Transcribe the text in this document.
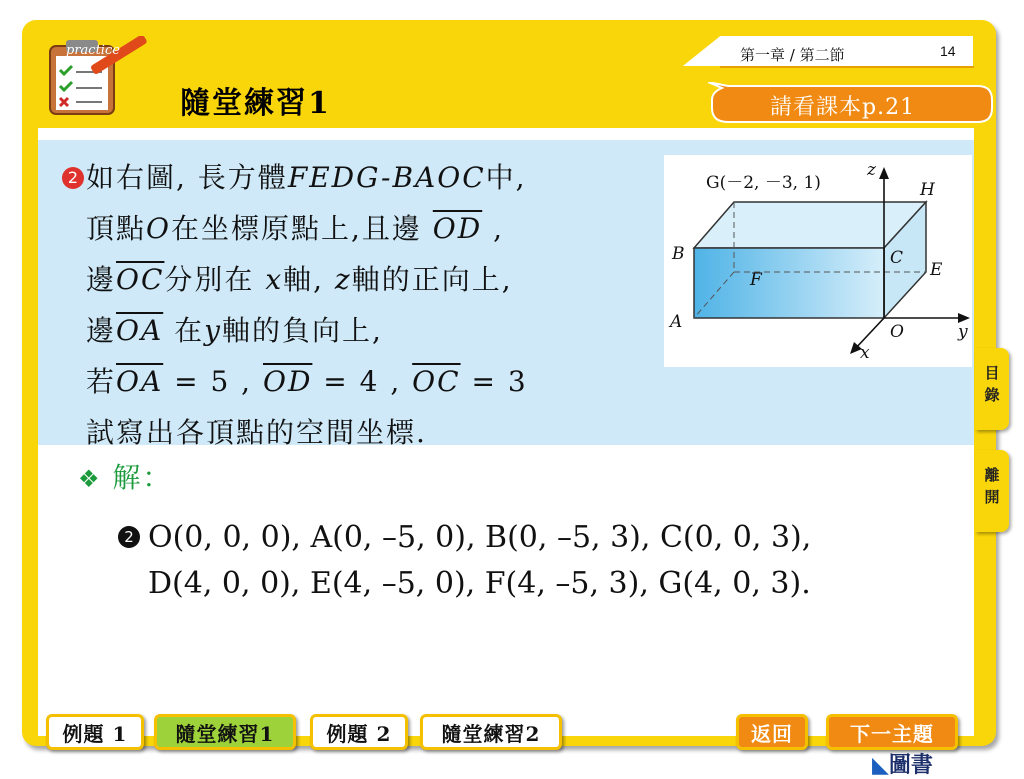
第一章 / 第二節	14
請看課本p.21
practice
隨堂練習1
2 如右圖, 長方體FEDG-BAOC中,
頂點O在坐標原點上,且邊 $\overline{OD}$ ,
邊$\overline{OC}$分別在 x軸, z軸的正向上,
邊$\overline{OA}$ 在y軸的負向上,
若$\overline{OA} = 5$ , $\overline{OD} = 4$ , $\overline{OC} = 3$
試寫出各頂點的空間坐標.
G(－2, －3, 1)
z
H
B	C
E
F
A	O
x
y
❖ 解：
2 O(0, 0, 0), A(0, –5, 0), B(0, –5, 3), C(0, 0, 3),
D(4, 0, 0), E(4, –5, 0), F(4, –5, 3), G(4, 0, 3).
目錄
離開
例題 1	隨堂練習1	例題 2	隨堂練習2	返回	下一主題
◣圖書
